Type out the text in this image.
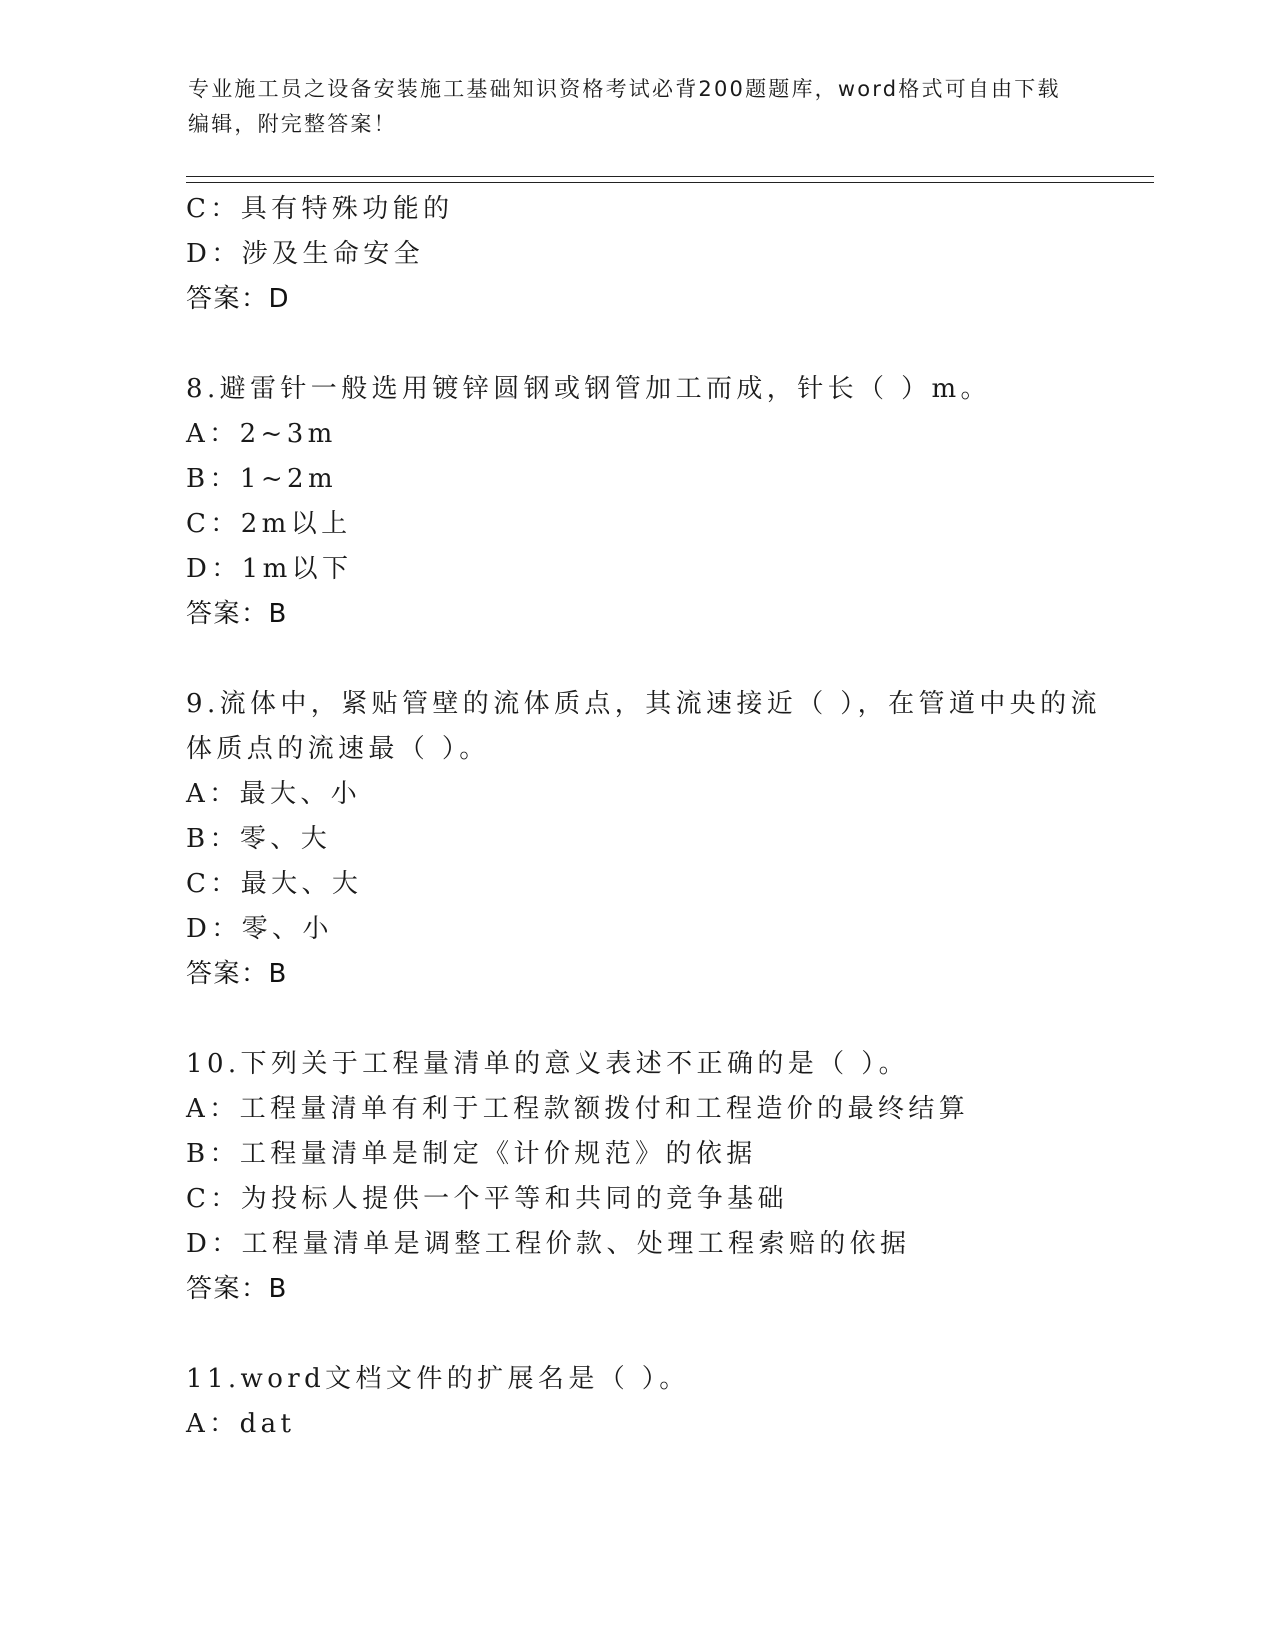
专业施工员之设备安装施工基础知识资格考试必背200题题库，word格式可自由下载编辑，附完整答案！
C：具有特殊功能的
D：涉及生命安全
答案：D
8.避雷针一般选用镀锌圆钢或钢管加工而成，针长（ ）m。
A：2~3m
B：1~2m
C：2m以上
D：1m以下
答案：B
9.流体中，紧贴管壁的流体质点，其流速接近（ ），在管道中央的流
体质点的流速最（ ）。
A：最大、小
B：零、大
C：最大、大
D：零、小
答案：B
10.下列关于工程量清单的意义表述不正确的是（ ）。
A：工程量清单有利于工程款额拨付和工程造价的最终结算
B：工程量清单是制定《计价规范》的依据
C：为投标人提供一个平等和共同的竞争基础
D：工程量清单是调整工程价款、处理工程索赔的依据
答案：B
11.word文档文件的扩展名是（ ）。
A：dat
